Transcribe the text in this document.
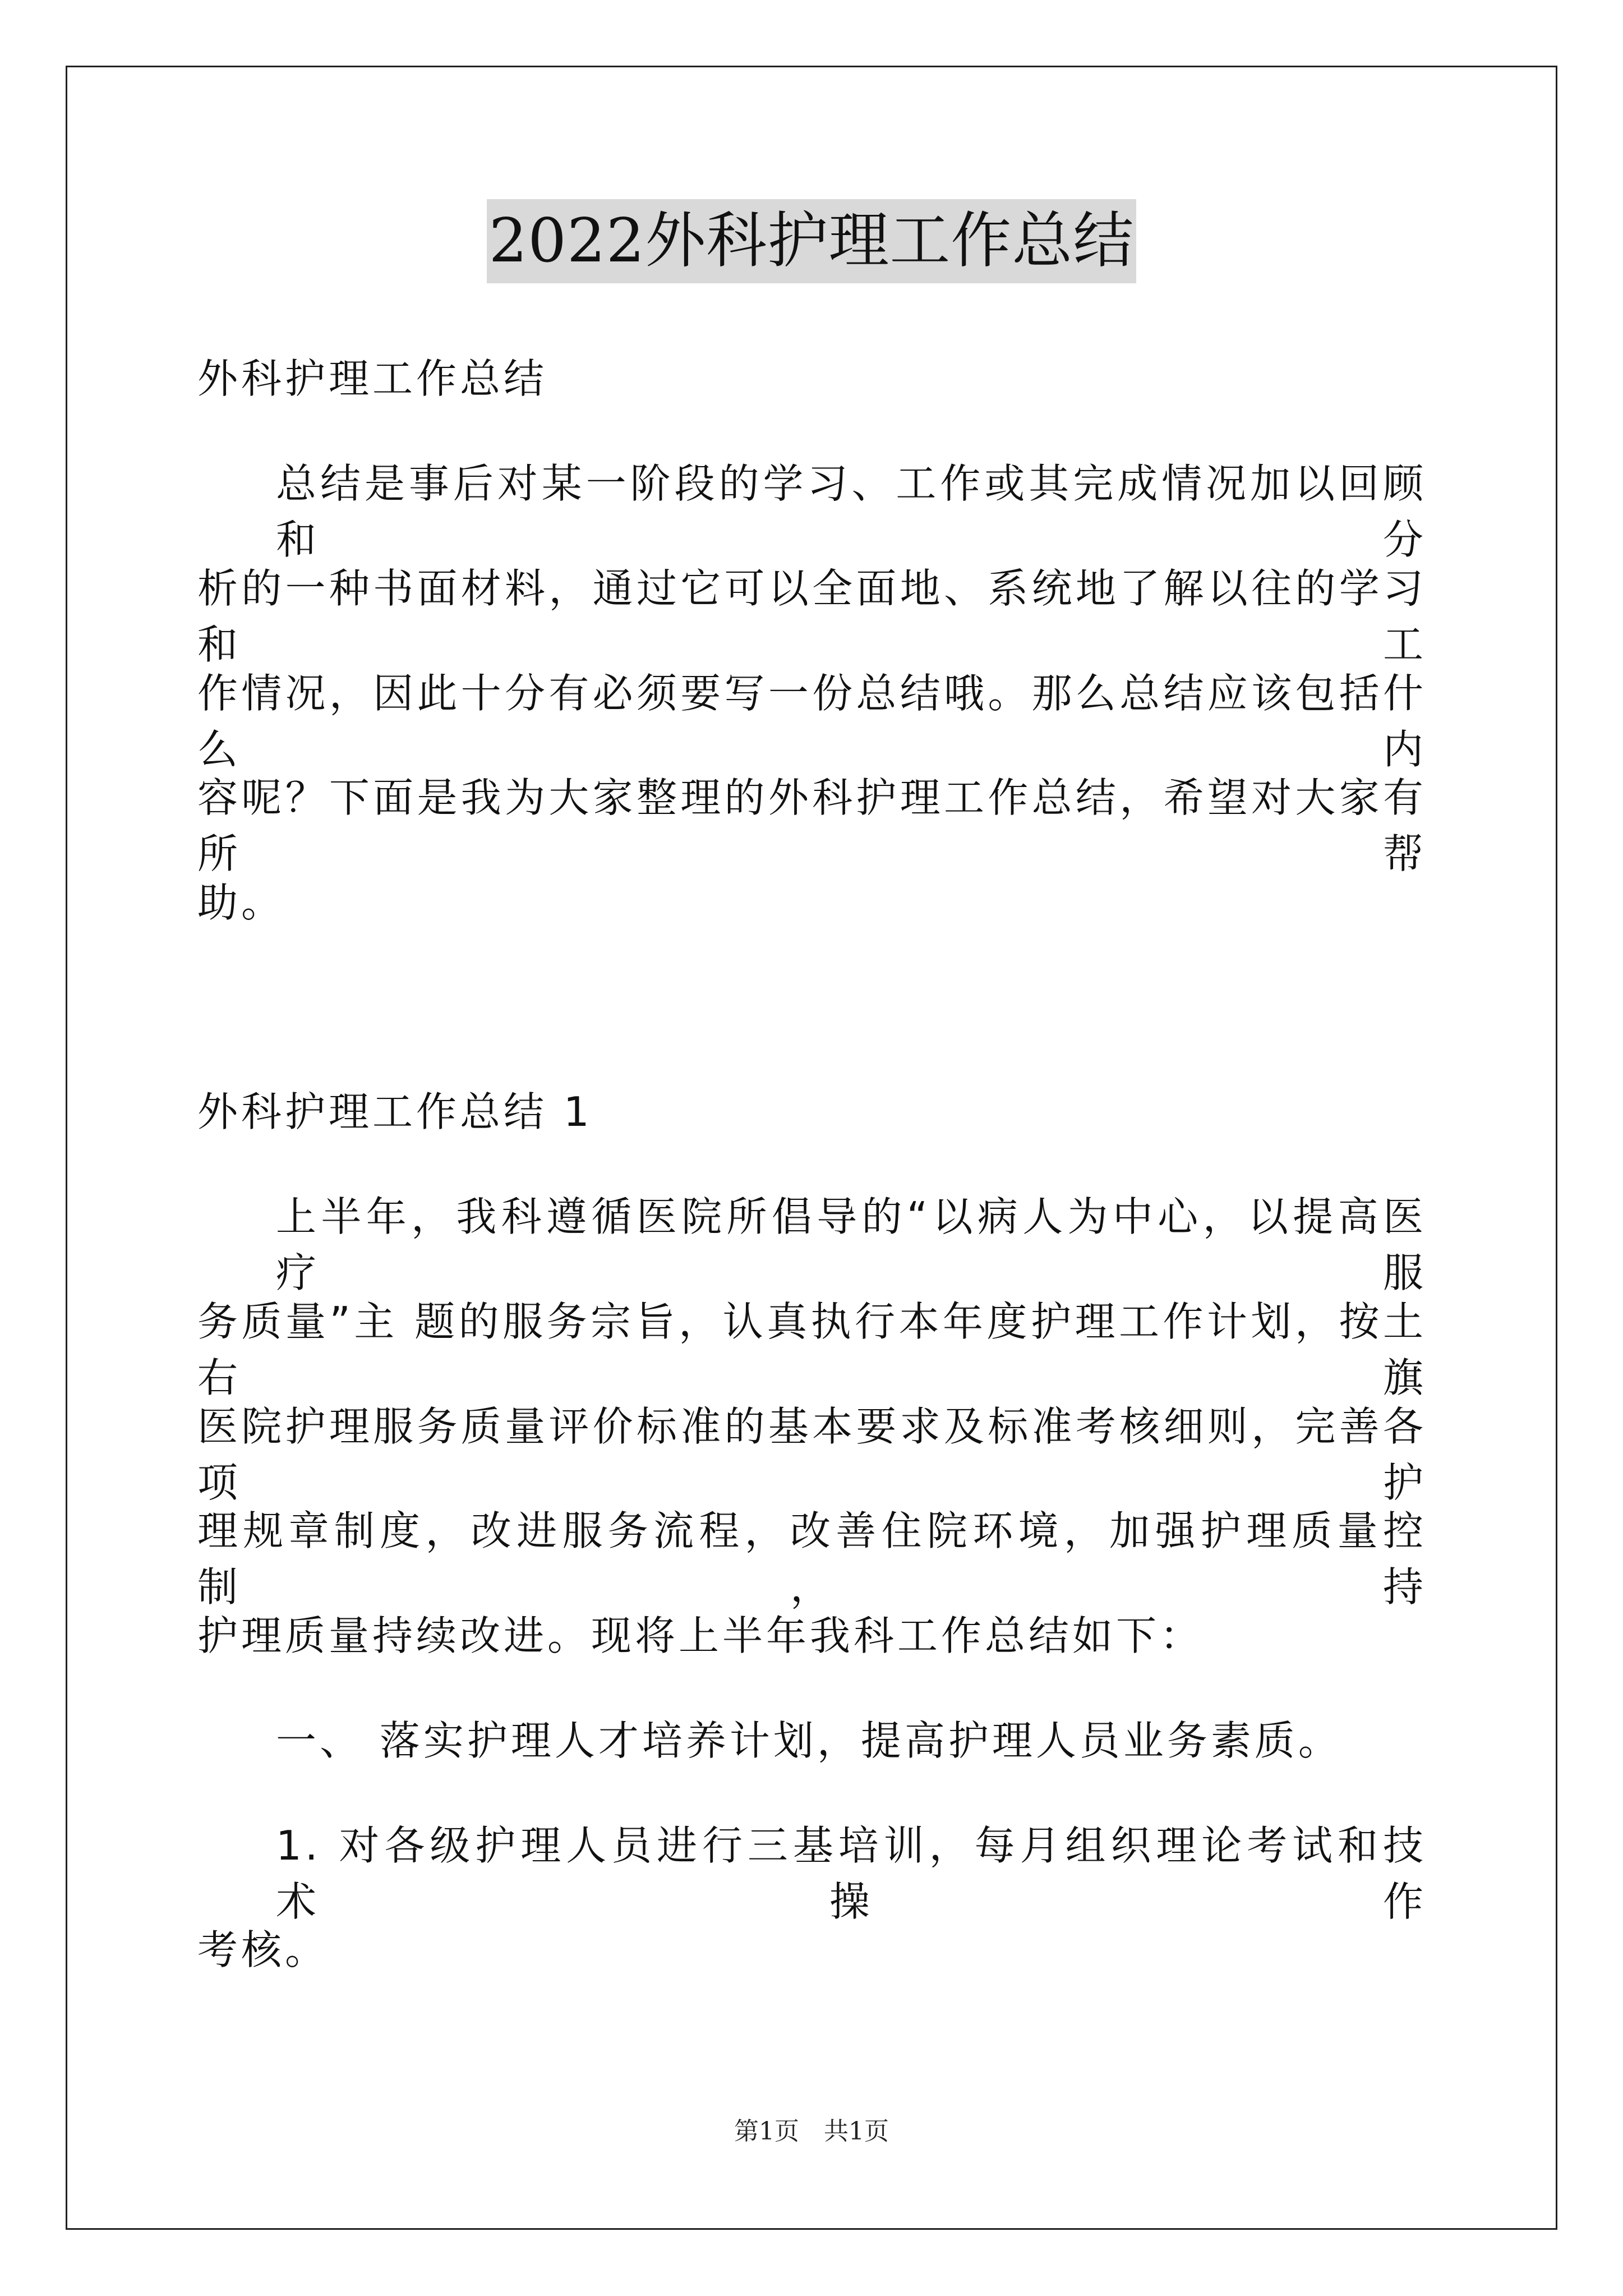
2022外科护理工作总结
外科护理工作总结
总结是事后对某一阶段的学习、工作或其完成情况加以回顾和分
析的一种书面材料，通过它可以全面地、系统地了解以往的学习和工
作情况，因此十分有必须要写一份总结哦。那么总结应该包括什么内
容呢？下面是我为大家整理的外科护理工作总结，希望对大家有所帮
助。
外科护理工作总结 1
上半年，我科遵循医院所倡导的“以病人为中心，以提高医疗服
务质量”主 题的服务宗旨，认真执行本年度护理工作计划，按土右旗
医院护理服务质量评价标准的基本要求及标准考核细则，完善各项护
理规章制度，改进服务流程，改善住院环境，加强护理质量控制，持
护理质量持续改进。现将上半年我科工作总结如下：
一、 落实护理人才培养计划，提高护理人员业务素质。
1. 对各级护理人员进行三基培训，每月组织理论考试和技术操作
考核。
第1页　共1页
